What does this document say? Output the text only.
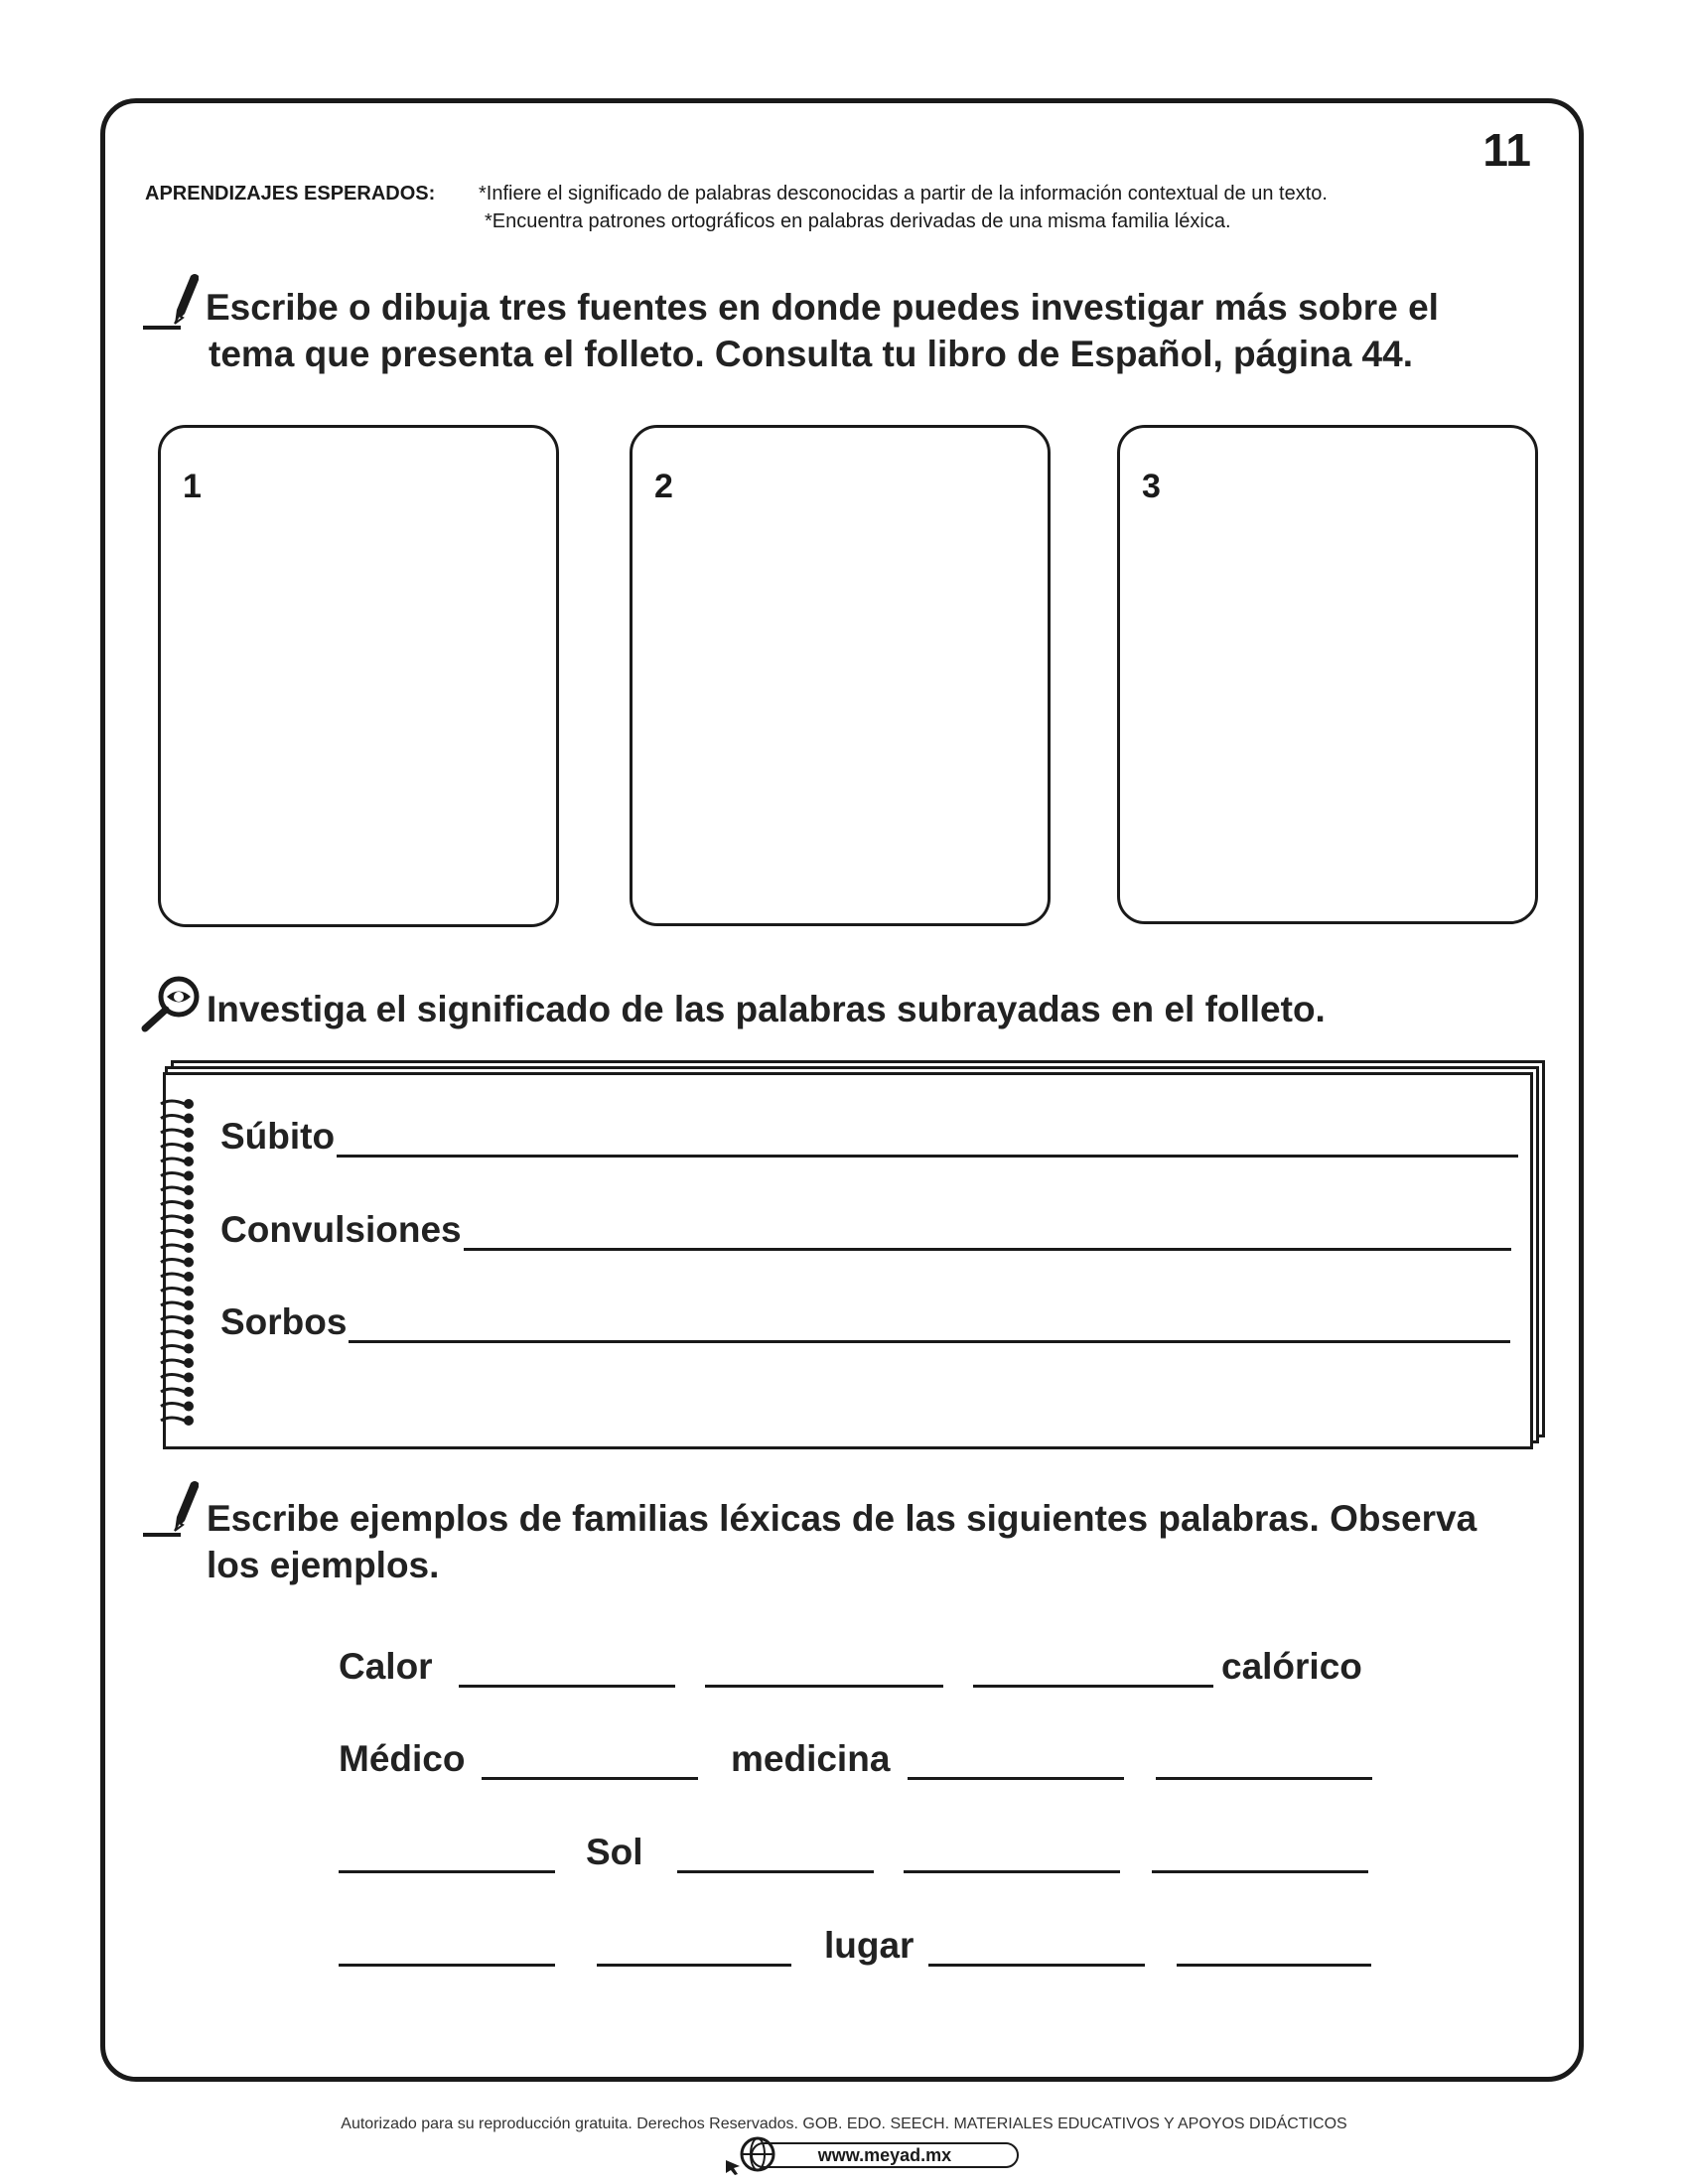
11
APRENDIZAJES ESPERADOS: *Infiere el significado de palabras desconocidas a partir de la información contextual de un texto.
*Encuentra patrones ortográficos en palabras derivadas de una misma familia léxica.
Escribe o dibuja tres fuentes en donde puedes investigar más sobre el
tema que presenta el folleto. Consulta tu libro de Español, página 44.
1	2	3
Investiga el significado de las palabras subrayadas en el folleto.
Súbito
Convulsiones
Sorbos
Escribe ejemplos de familias léxicas de las siguientes palabras. Observa
los ejemplos.
Calor	calórico
Médico	medicina
Sol
lugar
Autorizado para su reproducción gratuita. Derechos Reservados. GOB. EDO. SEECH. MATERIALES EDUCATIVOS Y APOYOS DIDÁCTICOS
www.meyad.mx
